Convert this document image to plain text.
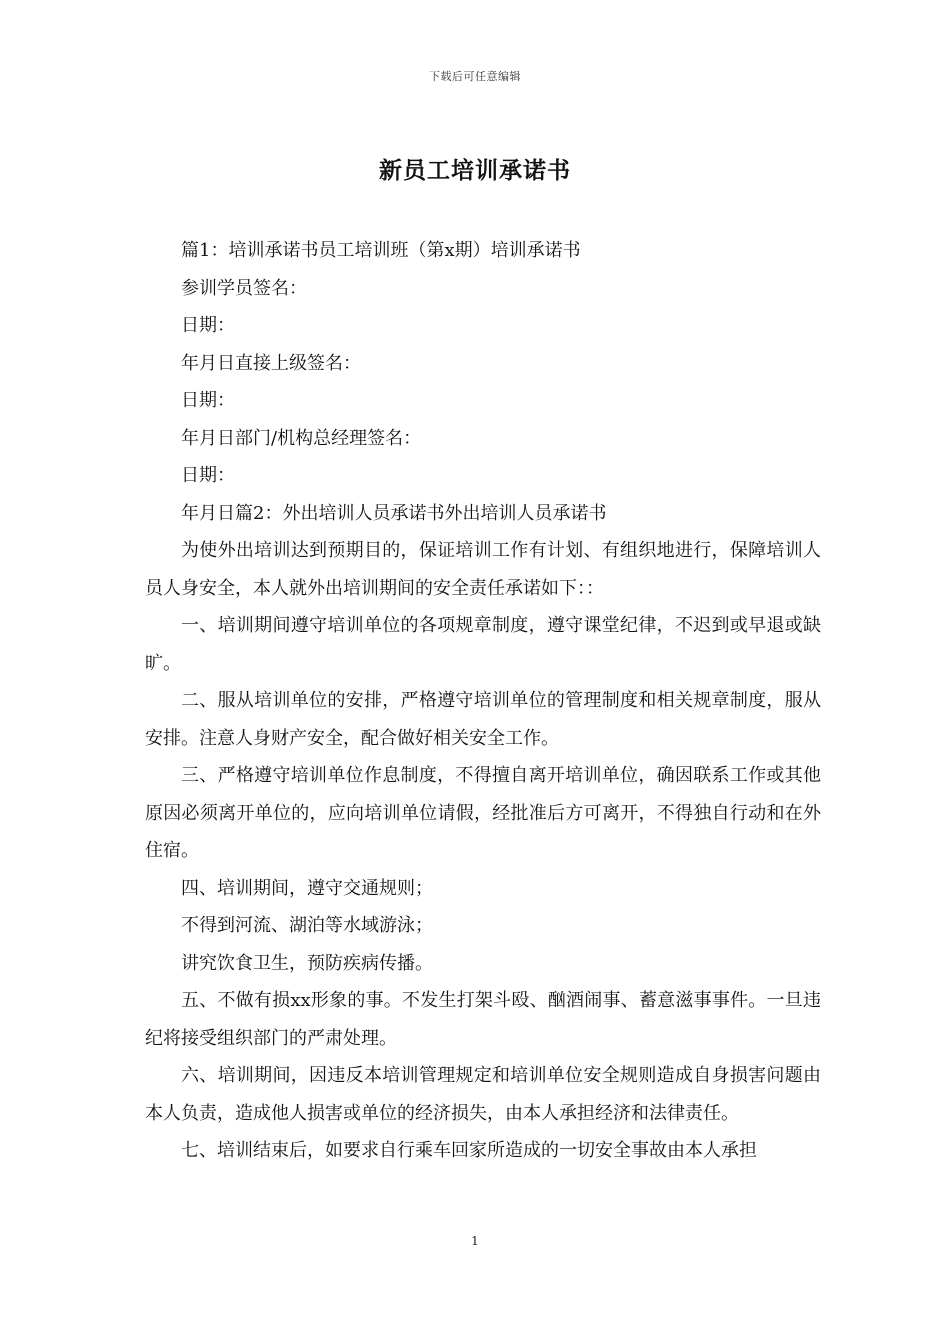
下载后可任意编辑
新员工培训承诺书

篇1：培训承诺书员工培训班（第x期）培训承诺书

参训学员签名：

日期：

年月日直接上级签名：

日期：

年月日部门/机构总经理签名：

日期：

年月日篇2：外出培训人员承诺书外出培训人员承诺书

为使外出培训达到预期目的，保证培训工作有计划、有组织地进行，保障培训人员人身安全，本人就外出培训期间的安全责任承诺如下：：

一、培训期间遵守培训单位的各项规章制度，遵守课堂纪律，不迟到或早退或缺旷。

二、服从培训单位的安排，严格遵守培训单位的管理制度和相关规章制度，服从安排。注意人身财产安全，配合做好相关安全工作。

三、严格遵守培训单位作息制度，不得擅自离开培训单位，确因联系工作或其他原因必须离开单位的，应向培训单位请假，经批准后方可离开，不得独自行动和在外住宿。

四、培训期间，遵守交通规则；

不得到河流、湖泊等水域游泳；

讲究饮食卫生，预防疾病传播。

五、不做有损xx形象的事。不发生打架斗殴、酗酒闹事、蓄意滋事事件。一旦违纪将接受组织部门的严肃处理。

六、培训期间，因违反本培训管理规定和培训单位安全规则造成自身损害问题由本人负责，造成他人损害或单位的经济损失，由本人承担经济和法律责任。

七、培训结束后，如要求自行乘车回家所造成的一切安全事故由本人承担

1
